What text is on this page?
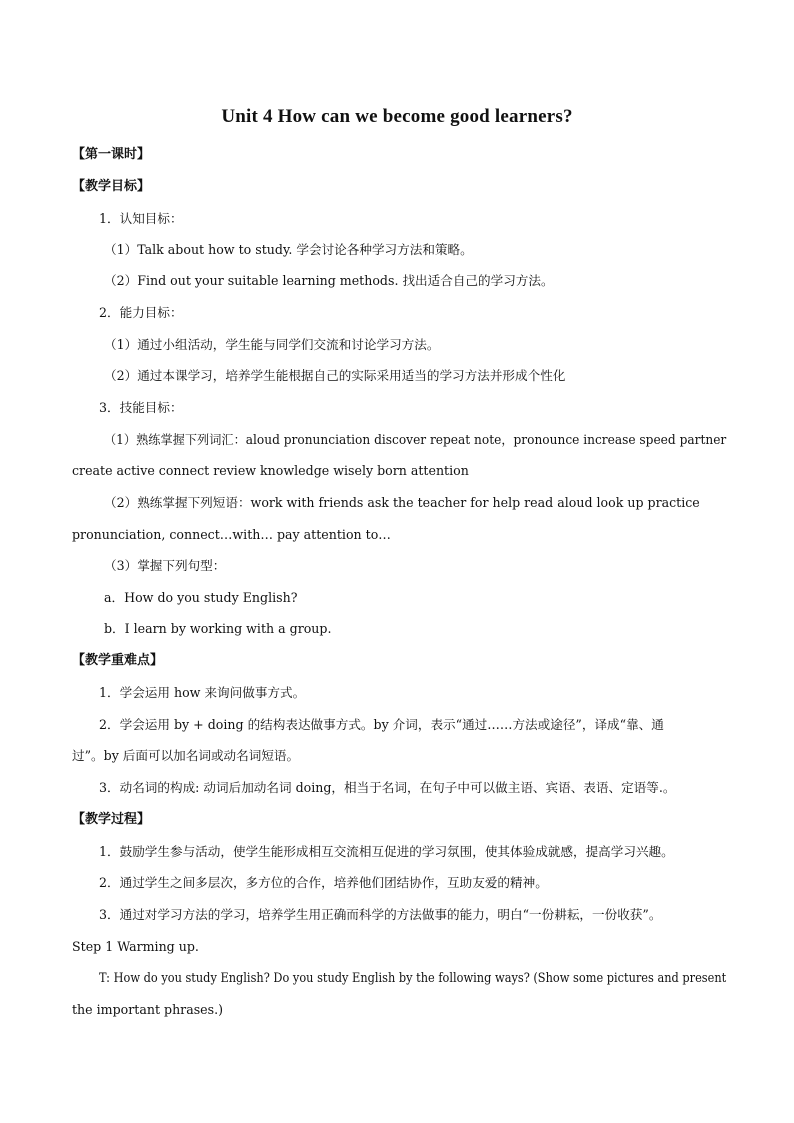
Unit 4 How can we become good learners?
【第一课时】
【教学目标】
1．认知目标：
（1）Talk about how to study. 学会讨论各种学习方法和策略。
（2）Find out your suitable learning methods. 找出适合自己的学习方法。
2．能力目标：
（1）通过小组活动，学生能与同学们交流和讨论学习方法。
（2）通过本课学习，培养学生能根据自己的实际采用适当的学习方法并形成个性化
3．技能目标：
（1）熟练掌握下列词汇：aloud pronunciation discover repeat note，pronounce increase speed partner
create active connect review knowledge wisely born attention
（2）熟练掌握下列短语：work with friends ask the teacher for help read aloud look up practice
pronunciation, connect…with… pay attention to…
（3）掌握下列句型：
a．How do you study English?
b．I learn by working with a group.
【教学重难点】
1．学会运用 how 来询问做事方式。
2．学会运用 by + doing 的结构表达做事方式。by 介词，表示“通过……方法或途径”，译成“靠、通
过”。by 后面可以加名词或动名词短语。
3．动名词的构成: 动词后加动名词 doing，相当于名词，在句子中可以做主语、宾语、表语、定语等.。
【教学过程】
1．鼓励学生参与活动，使学生能形成相互交流相互促进的学习氛围，使其体验成就感，提高学习兴趣。
2．通过学生之间多层次，多方位的合作，培养他们团结协作，互助友爱的精神。
3．通过对学习方法的学习，培养学生用正确而科学的方法做事的能力，明白“一份耕耘，一份收获”。
Step 1 Warming up.
T: How do you study English? Do you study English by the following ways? (Show some pictures and present
the important phrases.)
